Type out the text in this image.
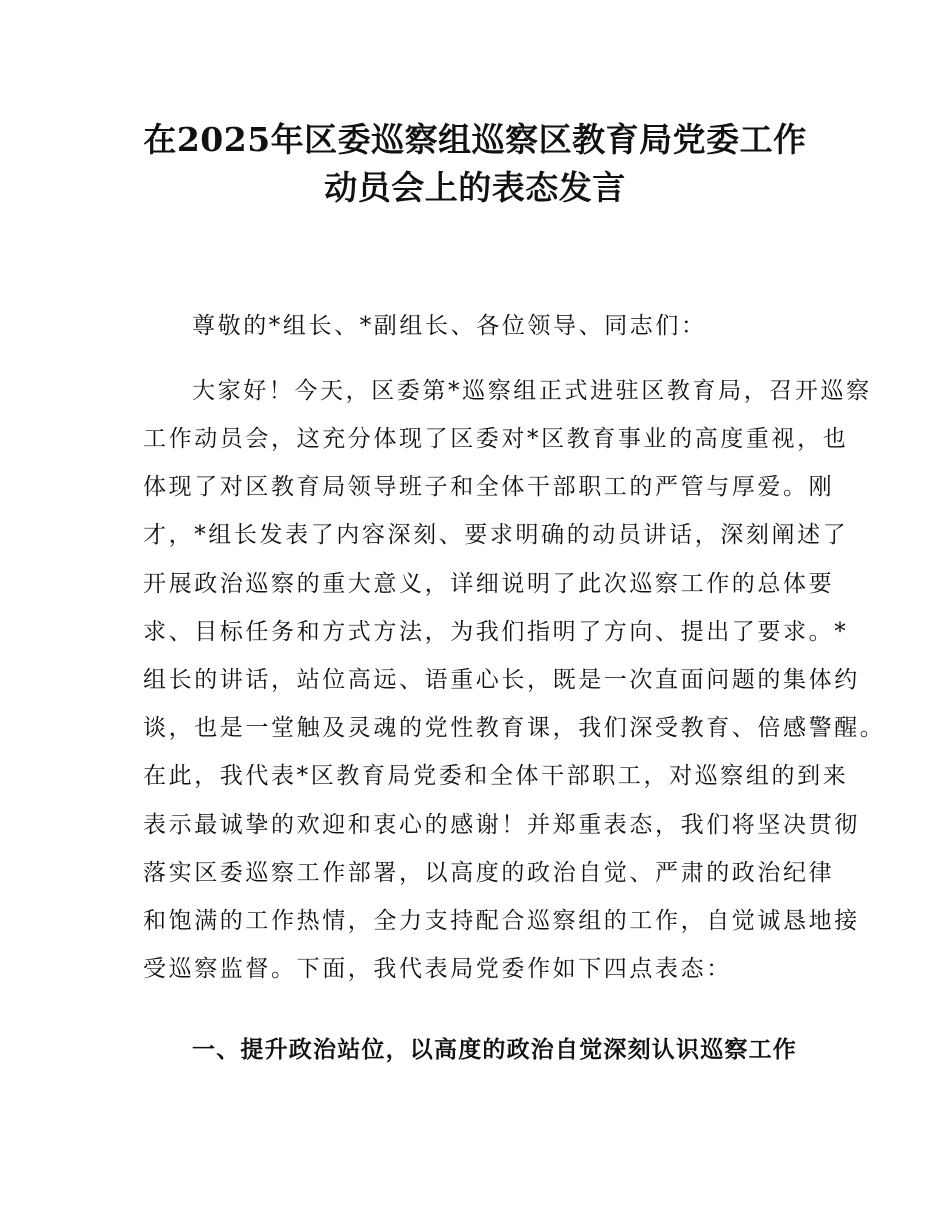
在2025年区委巡察组巡察区教育局党委工作
动员会上的表态发言
尊敬的*组长、*副组长、各位领导、同志们：
大家好！今天，区委第*巡察组正式进驻区教育局，召开巡察
工作动员会，这充分体现了区委对*区教育事业的高度重视，也
体现了对区教育局领导班子和全体干部职工的严管与厚爱。刚
才，*组长发表了内容深刻、要求明确的动员讲话，深刻阐述了
开展政治巡察的重大意义，详细说明了此次巡察工作的总体要
求、目标任务和方式方法，为我们指明了方向、提出了要求。*
组长的讲话，站位高远、语重心长，既是一次直面问题的集体约
谈，也是一堂触及灵魂的党性教育课，我们深受教育、倍感警醒。
在此，我代表*区教育局党委和全体干部职工，对巡察组的到来
表示最诚挚的欢迎和衷心的感谢！并郑重表态，我们将坚决贯彻
落实区委巡察工作部署，以高度的政治自觉、严肃的政治纪律
和饱满的工作热情，全力支持配合巡察组的工作，自觉诚恳地接
受巡察监督。下面，我代表局党委作如下四点表态：
一、提升政治站位，以高度的政治自觉深刻认识巡察工作
